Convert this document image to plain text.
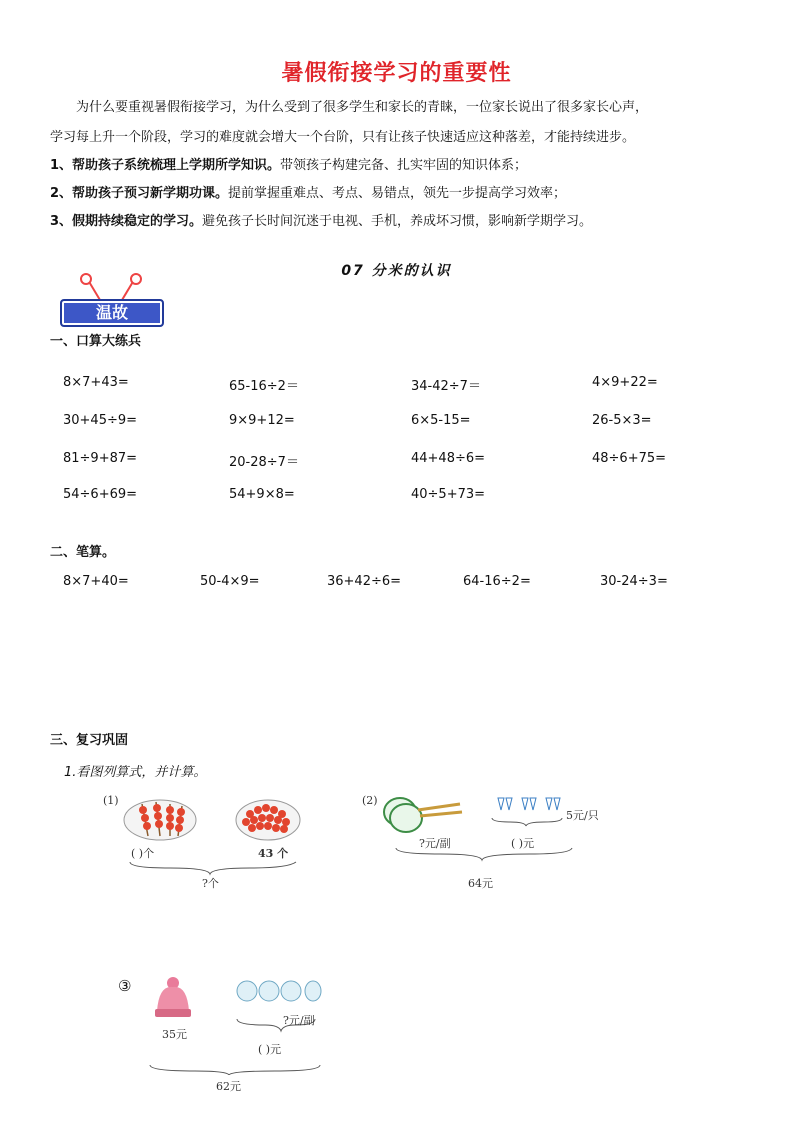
暑假衔接学习的重要性
为什么要重视暑假衔接学习，为什么受到了很多学生和家长的青睐，一位家长说出了很多家长心声，
学习每上升一个阶段，学习的难度就会增大一个台阶，只有让孩子快速适应这种落差，才能持续进步。
1、帮助孩子系统梳理上学期所学知识。带领孩子构建完备、扎实牢固的知识体系；
2、帮助孩子预习新学期功课。提前掌握重难点、考点、易错点，领先一步提高学习效率；
3、假期持续稳定的学习。避免孩子长时间沉迷于电视、手机，养成坏习惯，影响新学期学习。
07 分米的认识
温故
一、口算大练兵
8×7+43=	65-16÷2＝	34-42÷7＝	4×9+22=
30+45÷9=	9×9+12=	6×5-15=	26-5×3=
81÷9+87=	20-28÷7＝	44+48÷6=	48÷6+75=
54÷6+69=	54+9×8=	40÷5+73=
二、笔算。
8×7+40=	50-4×9=	36+42÷6=	64-16÷2=	30-24÷3=
三、复习巩固
1.看图列算式，并计算。
(1)
( )个	43 个
?个
(2)
5元/只
?元/副	( )元
64元
③
35元
?元/副
( )元
62元
